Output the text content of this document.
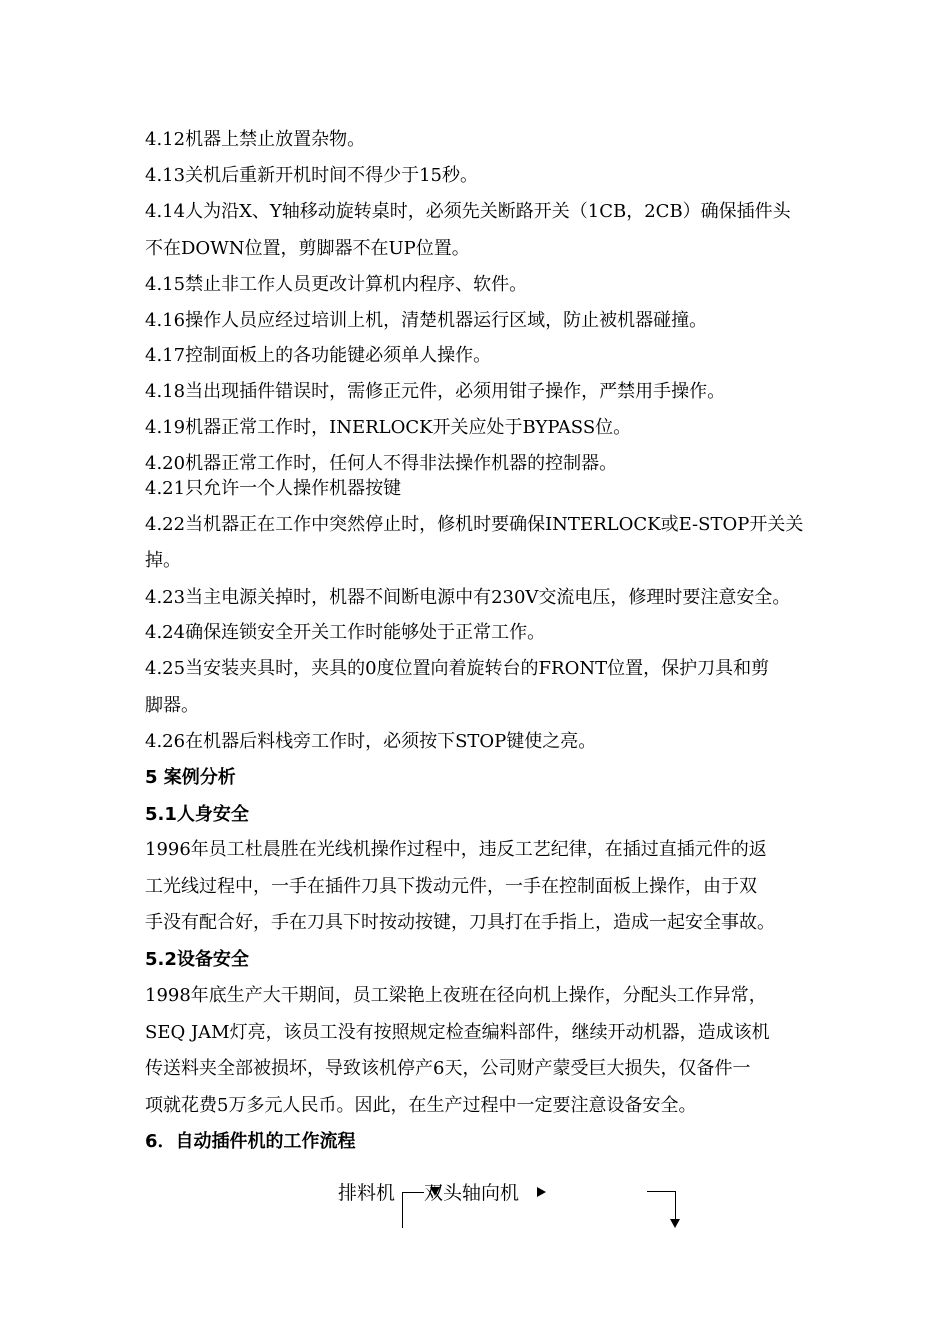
4.12机器上禁止放置杂物。
4.13关机后重新开机时间不得少于15秒。
4.14人为沿X、Y轴移动旋转桌时，必须先关断路开关（1CB，2CB）确保插件头
不在DOWN位置，剪脚器不在UP位置。
4.15禁止非工作人员更改计算机内程序、软件。
4.16操作人员应经过培训上机，清楚机器运行区域，防止被机器碰撞。
4.17控制面板上的各功能键必须单人操作。
4.18当出现插件错误时，需修正元件，必须用钳子操作，严禁用手操作。
4.19机器正常工作时，INERLOCK开关应处于BYPASS位。
4.20机器正常工作时，任何人不得非法操作机器的控制器。
4.21只允许一个人操作机器按键
4.22当机器正在工作中突然停止时，修机时要确保INTERLOCK或E-STOP开关关
掉。
4.23当主电源关掉时，机器不间断电源中有230V交流电压，修理时要注意安全。
4.24确保连锁安全开关工作时能够处于正常工作。
4.25当安装夹具时，夹具的0度位置向着旋转台的FRONT位置，保护刀具和剪
脚器。
4.26在机器后料栈旁工作时，必须按下STOP键使之亮。
5 案例分析
5.1人身安全
1996年员工杜晨胜在光线机操作过程中，违反工艺纪律，在插过直插元件的返
工光线过程中，一手在插件刀具下拨动元件，一手在控制面板上操作，由于双
手没有配合好，手在刀具下时按动按键，刀具打在手指上，造成一起安全事故。
5.2设备安全
1998年底生产大干期间，员工梁艳上夜班在径向机上操作，分配头工作异常，
SEQ JAM灯亮，该员工没有按照规定检查编料部件，继续开动机器，造成该机
传送料夹全部被损坏，导致该机停产6天，公司财产蒙受巨大损失，仅备件一
项就花费5万多元人民币。因此，在生产过程中一定要注意设备安全。
6．自动插件机的工作流程
排料机 双头轴向机
